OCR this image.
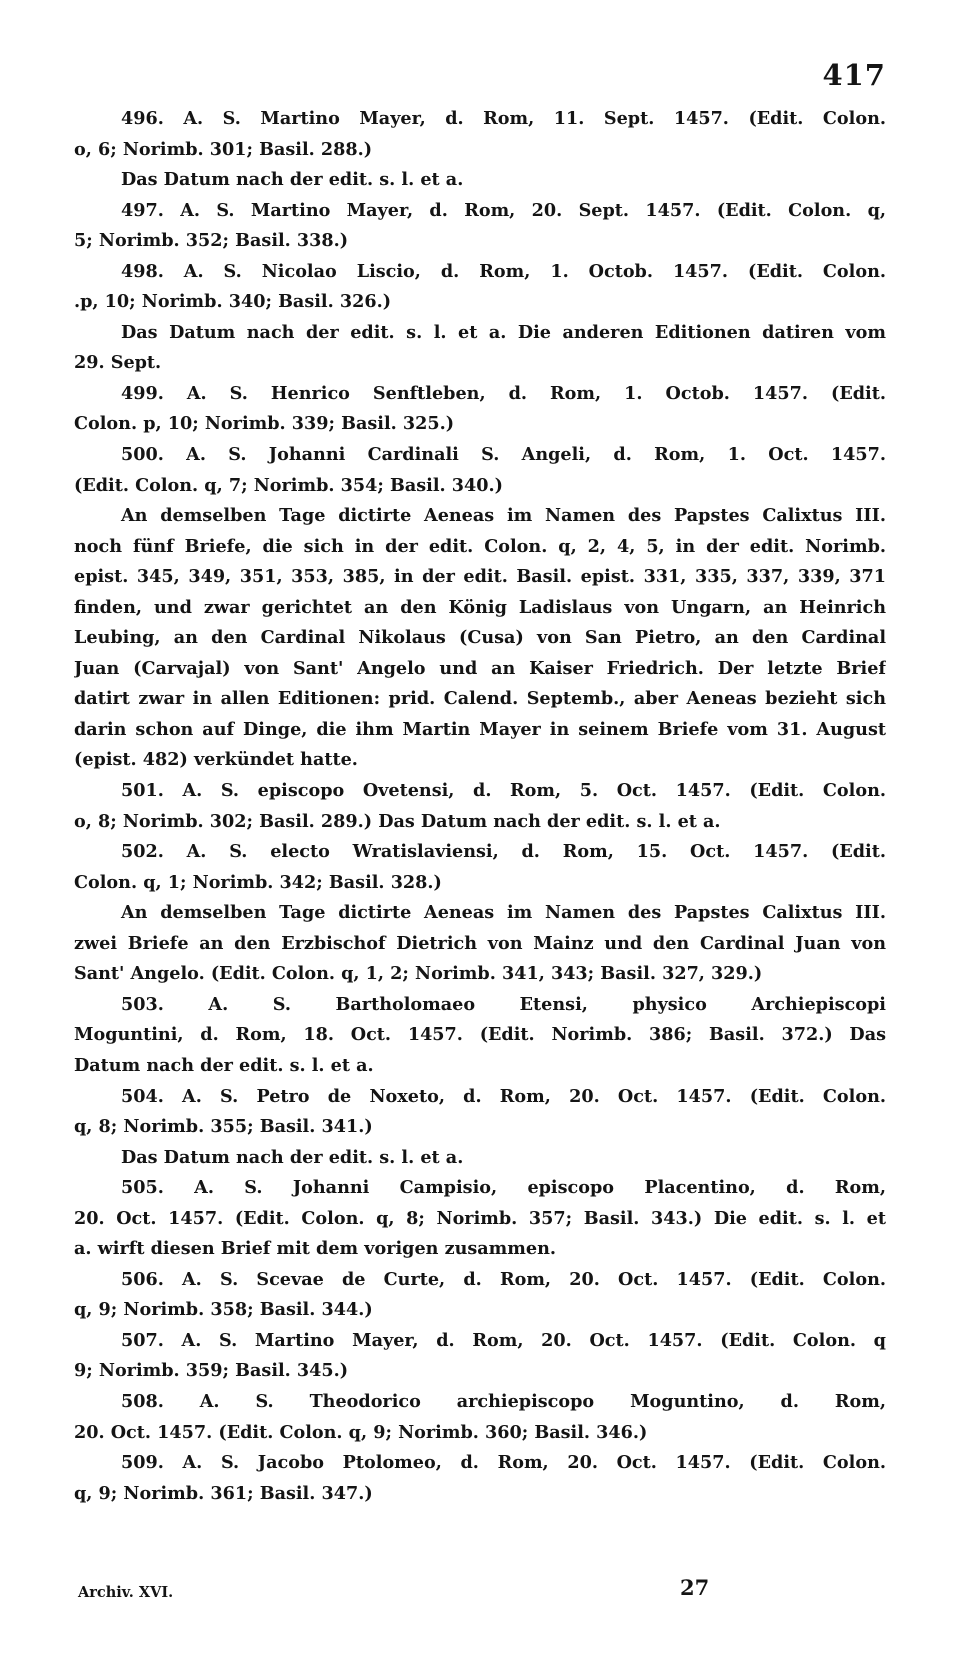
417
496. A. S. Martino Mayer, d. Rom, 11. Sept. 1457. (Edit. Colon.
o, 6; Norimb. 301; Basil. 288.)
Das Datum nach der edit. s. l. et a.
497. A. S. Martino Mayer, d. Rom, 20. Sept. 1457. (Edit. Colon. q,
5; Norimb. 352; Basil. 338.)
498. A. S. Nicolao Liscio, d. Rom, 1. Octob. 1457. (Edit. Colon.
.p, 10; Norimb. 340; Basil. 326.)
Das Datum nach der edit. s. l. et a. Die anderen Editionen datiren vom
29. Sept.
499. A. S. Henrico Senftleben, d. Rom, 1. Octob. 1457. (Edit.
Colon. p, 10; Norimb. 339; Basil. 325.)
500. A. S. Johanni Cardinali S. Angeli, d. Rom, 1. Oct. 1457.
(Edit. Colon. q, 7; Norimb. 354; Basil. 340.)
An demselben Tage dictirte Aeneas im Namen des Papstes Calixtus III.
noch fünf Briefe, die sich in der edit. Colon. q, 2, 4, 5, in der edit. Norimb.
epist. 345, 349, 351, 353, 385, in der edit. Basil. epist. 331, 335, 337, 339, 371
finden, und zwar gerichtet an den König Ladislaus von Ungarn, an Heinrich
Leubing, an den Cardinal Nikolaus (Cusa) von San Pietro, an den Cardinal
Juan (Carvajal) von Sant' Angelo und an Kaiser Friedrich. Der letzte Brief
datirt zwar in allen Editionen: prid. Calend. Septemb., aber Aeneas bezieht sich
darin schon auf Dinge, die ihm Martin Mayer in seinem Briefe vom 31. August
(epist. 482) verkündet hatte.
501. A. S. episcopo Ovetensi, d. Rom, 5. Oct. 1457. (Edit. Colon.
o, 8; Norimb. 302; Basil. 289.) Das Datum nach der edit. s. l. et a.
502. A. S. electo Wratislaviensi, d. Rom, 15. Oct. 1457. (Edit.
Colon. q, 1; Norimb. 342; Basil. 328.)
An demselben Tage dictirte Aeneas im Namen des Papstes Calixtus III.
zwei Briefe an den Erzbischof Dietrich von Mainz und den Cardinal Juan von
Sant' Angelo. (Edit. Colon. q, 1, 2; Norimb. 341, 343; Basil. 327, 329.)
503. A. S. Bartholomaeo Etensi, physico Archiepiscopi
Moguntini, d. Rom, 18. Oct. 1457. (Edit. Norimb. 386; Basil. 372.) Das
Datum nach der edit. s. l. et a.
504. A. S. Petro de Noxeto, d. Rom, 20. Oct. 1457. (Edit. Colon.
q, 8; Norimb. 355; Basil. 341.)
Das Datum nach der edit. s. l. et a.
505. A. S. Johanni Campisio, episcopo Placentino, d. Rom,
20. Oct. 1457. (Edit. Colon. q, 8; Norimb. 357; Basil. 343.) Die edit. s. l. et
a. wirft diesen Brief mit dem vorigen zusammen.
506. A. S. Scevae de Curte, d. Rom, 20. Oct. 1457. (Edit. Colon.
q, 9; Norimb. 358; Basil. 344.)
507. A. S. Martino Mayer, d. Rom, 20. Oct. 1457. (Edit. Colon. q
9; Norimb. 359; Basil. 345.)
508. A. S. Theodorico archiepiscopo Moguntino, d. Rom,
20. Oct. 1457. (Edit. Colon. q, 9; Norimb. 360; Basil. 346.)
509. A. S. Jacobo Ptolomeo, d. Rom, 20. Oct. 1457. (Edit. Colon.
q, 9; Norimb. 361; Basil. 347.)
Archiv. XVI.	27
